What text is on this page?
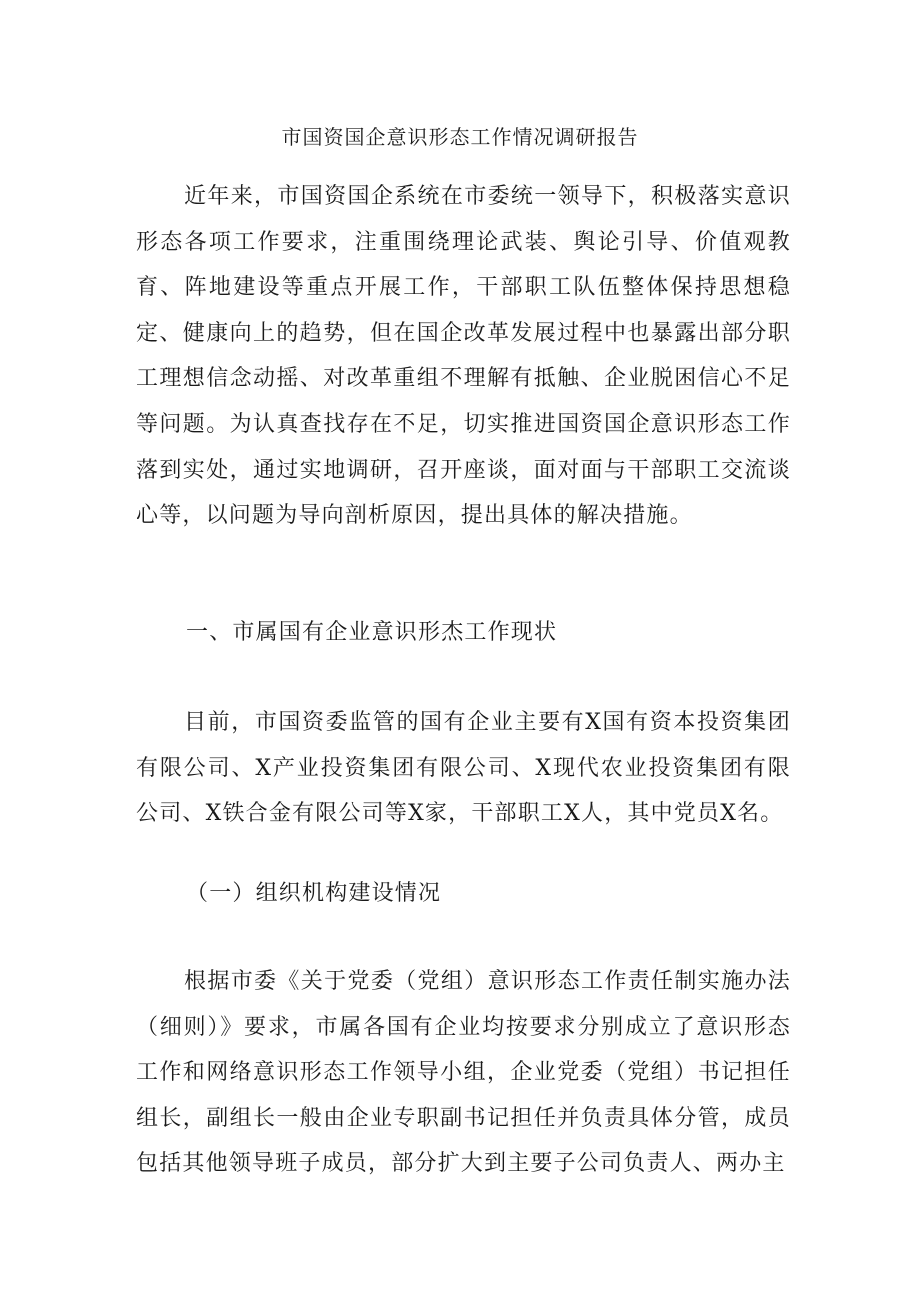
市国资国企意识形态工作情况调研报告

近年来，市国资国企系统在市委统一领导下，积极落实意识形态各项工作要求，注重围绕理论武装、舆论引导、价值观教育、阵地建设等重点开展工作，干部职工队伍整体保持思想稳定、健康向上的趋势，但在国企改革发展过程中也暴露出部分职工理想信念动摇、对改革重组不理解有抵触、企业脱困信心不足等问题。为认真查找存在不足，切实推进国资国企意识形态工作落到实处，通过实地调研，召开座谈，面对面与干部职工交流谈心等，以问题为导向剖析原因，提出具体的解决措施。

一、市属国有企业意识形杰工作现状

目前，市国资委监管的国有企业主要有X国有资本投资集团有限公司、X产业投资集团有限公司、X现代农业投资集团有限公司、X铁合金有限公司等X家，干部职工X人，其中党员X名。

（一）组织机构建设情况

根据市委《关于党委（党组）意识形态工作责任制实施办法（细则）》要求，市属各国有企业均按要求分别成立了意识形态工作和网络意识形态工作领导小组，企业党委（党组）书记担任组长，副组长一般由企业专职副书记担任并负责具体分管，成员包括其他领导班子成员，部分扩大到主要子公司负责人、两办主
